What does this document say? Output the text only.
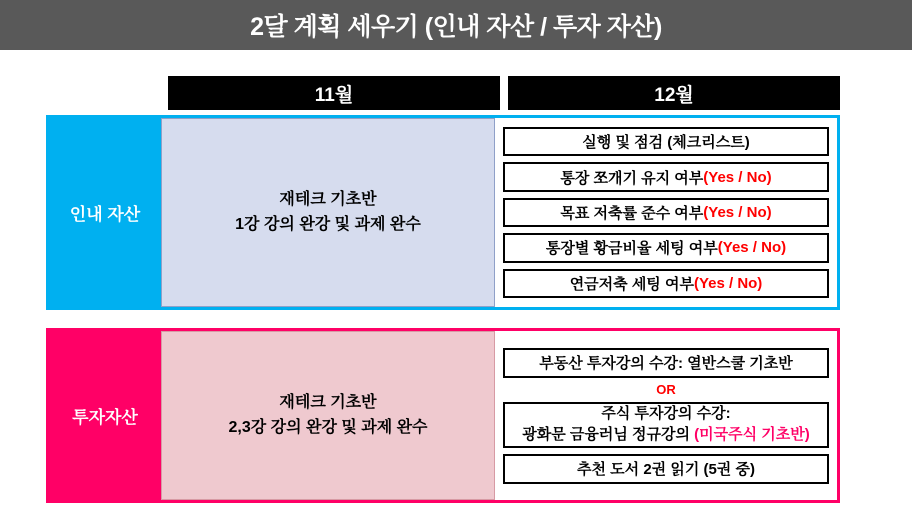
2달 계획 세우기 (인내 자산 / 투자 자산)
11월	12월
인내 자산
재테크 기초반
1강 강의 완강 및 과제 완수
실행 및 점검 (체크리스트)
통장 쪼개기 유지 여부 (Yes / No)
목표 저축률 준수 여부 (Yes / No)
통장별 황금비율 세팅 여부 (Yes / No)
연금저축 세팅 여부 (Yes / No)
투자자산
재테크 기초반
2,3강 강의 완강 및 과제 완수
부동산 투자강의 수강: 열반스쿨 기초반
OR
주식 투자강의 수강:
광화문 금융러님 정규강의 (미국주식 기초반)
추천 도서 2권 읽기 (5권 중)
